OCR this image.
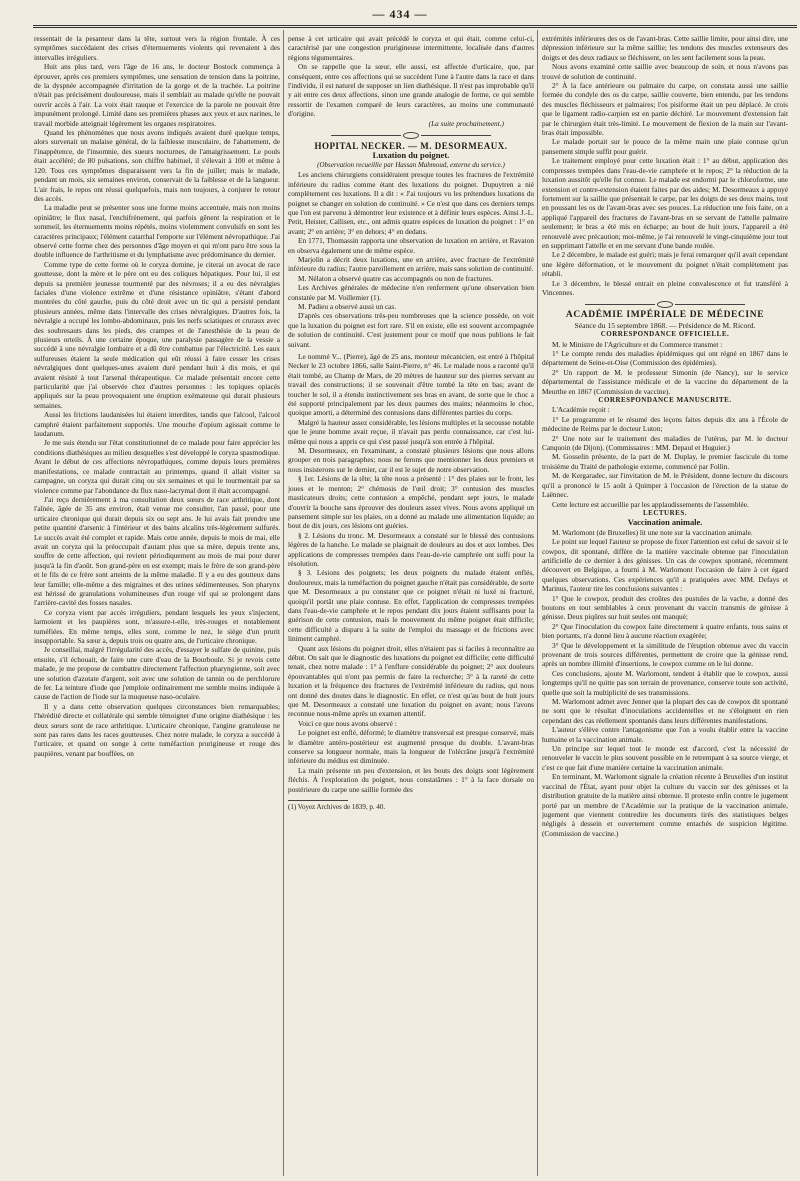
— 434 —

ressentait de la pesanteur dans la tête, surtout vers la région frontale. À ces symptômes succédaient des crises d'éternuements violents qui revenaient à des intervalles irréguliers.

Huit ans plus tard, vers l'âge de 16 ans, le docteur Bostock commença à éprouver, après ces premiers symptômes, une sensation de tension dans la poitrine, de la dyspnée accompagnée d'irritation de la gorge et de la trachée. La poitrine n'était pas précisément douloureuse, mais il semblait au malade qu'elle ne pouvait ouvrir accès à l'air. La voix était rauque et l'exercice de la parole ne pouvait être impunément prolongé. Limité dans ses premières phases aux yeux et aux narines, le travail morbide atteignait légèrement les organes respiratoires.

Quand les phénomènes que nous avons indiqués avaient duré quelque temps, alors survenait un malaise général, de la faiblesse musculaire, de l'abattement, de l'inappétence, de l'insomnie, des sueurs nocturnes, de l'amaigrissement. Le pouls était accéléré; de 80 pulsations, son chiffre habituel, il s'élevait à 100 et même à 120. Tous ces symptômes disparaissent vers la fin de juillet; mais le malade, pendant un mois, six semaines environ, conservait de la faiblesse et de la langueur. L'air frais, le repos ont réussi quelquefois, mais non toujours, à conjurer le retour des accès.

La maladie peut se présenter sous une forme moins accentuée, mais non moins opiniâtre; le flux nasal, l'enchifrènement, qui parfois gênent la respiration et le sommeil, les éternuements moins répétés, moins violemment convulsifs en sont les caractères principaux; l'élément catarrhal l'emporte sur l'élément névropathique. J'ai observé cette forme chez des personnes d'âge moyen et qui m'ont paru être sous la double influence de l'arthritisme et du lymphatisme avec prédominance du dernier.

Comme type de cette forme où le coryza domine, je citerai un avocat de race goutteuse, dont la mère et le père ont eu des coliques hépatiques. Pour lui, il est depuis sa première jeunesse tourmenté par des névroses; il a eu des névralgies faciales d'une violence extrême et d'une résistance opiniâtre, s'étant d'abord montrées du côté gauche, puis du côté droit avec un tic qui a persisté pendant plusieurs années, même dans l'intervalle des crises névralgiques. D'autres fois, la névralgie a occupé les lombo-abdominaux, puis les nerfs sciatiques et cruraux avec des soubresauts dans les pieds, des crampes et de l'anesthésie de la peau de plusieurs orteils. À une certaine époque, une paralysie passagère de la vessie a succédé à une névralgie lombaire et a dû être combattue par l'électricité. Les eaux sulfureuses étaient la seule médication qui eût réussi à faire cesser les crises névralgiques dont quelques-unes avaient duré pendant huit à dix mois, et qui avaient résisté à tout l'arsenal thérapeutique. Ce malade présentait encore cette particularité que j'ai observée chez d'autres personnes : les topiques opiacés appliqués sur la peau provoquaient une éruption exémateuse qui durait plusieurs semaines.

Aussi les frictions laudanisées lui étaient interdites, tandis que l'alcool, l'alcool camphré étaient parfaitement supportés. Une mouche d'opium agissait comme le laudanum.

Je me suis étendu sur l'état constitutionnel de ce malade pour faire apprécier les conditions diathésiques au milieu desquelles s'est développé le coryza spasmodique. Avant le début de ces affections névropathiques, comme depuis leurs premières manifestations, ce malade contractait au printemps, quand il allait visiter sa campagne, un coryza qui durait cinq ou six semaines et qui le tourmentait par sa violence comme par l'abondance du flux naso-lacrymal dont il était accompagné.

J'ai reçu dernièrement à ma consultation deux sœurs de race arthritique, dont l'aînée, âgée de 35 ans environ, était venue me consulter, l'an passé, pour une urticaire chronique qui durait depuis six ou sept ans. Je lui avais fait prendre une petite quantité d'arsenic à l'intérieur et des bains alcalins très-légèrement sulfurés. Le succès avait été complet et rapide. Mais cette année, depuis le mois de mai, elle avait un coryza qui la préoccupait d'autant plus que sa mère, depuis trente ans, souffre de cette affection, qui revient périodiquement au mois de mai pour durer jusqu'à la fin d'août. Son grand-père en est exempt; mais le frère de son grand-père et le fils de ce frère sont atteints de la même maladie. Il y a eu des goutteux dans leur famille; elle-même a des migraines et des urines sédimenteuses. Son pharynx est hérissé de granulations volumineuses d'un rouge vif qui se prolongent dans l'arrière-cavité des fosses nasales.

Ce coryza vient par accès irréguliers, pendant lesquels les yeux s'injectent, larmoient et les paupières sont, m'assure-t-elle, très-rouges et notablement tuméfiées. En même temps, elles sont, comme le nez, le siège d'un prurit insupportable. Sa sœur a, depuis trois ou quatre ans, de l'urticaire chronique.

Je conseillai, malgré l'irrégularité des accès, d'essayer le sulfate de quinine, puis ensuite, s'il échouait, de faire une cure d'eau de la Bourboule. Si je revois cette malade, je me propose de combattre directement l'affection pharyngienne, soit avec une solution d'azotate d'argent, soit avec une solution de tannin ou de perchlorure de fer. La teinture d'iode que j'emploie ordinairement me semble moins indiquée à cause de l'action de l'iode sur la muqueuse naso-oculaire.

Il y a dans cette observation quelques circonstances bien remarquables; l'hérédité directe et collatérale qui semble témoigner d'une origine diathésique : les deux sœurs sont de race arthritique. L'urticaire chronique, l'angine granuleuse ne sont pas rares dans les races goutteuses. Chez notre malade, le coryza a succédé à l'urticaire, et quand on songe à cette tuméfaction prurigineuse et rouge des paupières, venant par bouffées, on

pense à cet urticaire qui avait précédé le coryza et qui était, comme celui-ci, caractérisé par une congestion prurigineuse intermittente, localisée dans d'autres régions tégumentaires.

On se rappelle que la sœur, elle aussi, est affectée d'urticaire, que, par conséquent, entre ces affections qui se succèdent l'une à l'autre dans la race et dans l'individu, il est naturel de supposer un lien diathésique. Il n'est pas improbable qu'il y ait entre ces deux affections, sinon une grande analogie de forme, ce qui semble ressortir de l'examen comparé de leurs caractères, au moins une communauté d'origine.

(La suite prochainement.)

HOPITAL NECKER. — M. DESORMEAUX.

Luxation du poignet.

(Observation recueillie par Hassan Mahmoud, externe du service.)

Les anciens chirurgiens considéraient presque toutes les fractures de l'extrémité inférieure du radius comme étant des luxations du poignet. Dupuytren a nié complètement ces luxations. Il a dit : « J'ai toujours vu les prétendues luxations du poignet se changer en solution de continuité. » Ce n'est que dans ces derniers temps que l'on est parvenu à démontrer leur existence et à définir leurs espèces. Ainsi J.-L. Petit, Heister, Callisen, etc., ont admis quatre espèces de luxation du poignet : 1° en avant; 2° en arrière; 3° en dehors; 4° en dedans.

En 1771, Thomassin rapporta une observation de luxation en arrière, et Ravaton en observa également une de même espèce.

Marjolin a décrit deux luxations, une en arrière, avec fracture de l'extrémité inférieure du radius; l'autre pareillement en arrière, mais sans solution de continuité.

M. Nélaton a observé quatre cas accompagnés ou non de fractures.

Les Archives générales de médecine n'en renferment qu'une observation bien constatée par M. Voillemier (1).

M. Padieu a observé aussi un cas.

D'après ces observations très-peu nombreuses que la science possède, on voit que la luxation du poignet est fort rare. S'il en existe, elle est souvent accompagnée de solution de continuité. C'est justement pour ce motif que nous publions le fait suivant.

Le nommé V... (Pierre), âgé de 25 ans, monteur mécanicien, est entré à l'hôpital Necker le 23 octobre 1866, salle Saint-Pierre, n° 46. Le malade nous a raconté qu'il était tombé, au Champ de Mars, de 20 mètres de hauteur sur des pierres servant au travail des constructions; il se souvenait d'être tombé la tête en bas; avant de toucher le sol, il a étendu instinctivement ses bras en avant, de sorte que le choc a été supporté principalement par les deux paumes des mains; néanmoins le choc, quoique amorti, a déterminé des contusions dans différentes parties du corps.

Malgré la hauteur assez considérable, les lésions multiples et la secousse notable que le jeune homme avait reçue, il n'avait pas perdu connaissance, car c'est lui-même qui nous a appris ce qui s'est passé jusqu'à son entrée à l'hôpital.

M. Desormeaux, en l'examinant, a constaté plusieurs lésions que nous allons grouper en trois paragraphes; nous ne ferons que mentionner les deux premiers et nous insisterons sur le dernier, car il est le sujet de notre observation.

§ 1er. Lésions de la tête; la tête nous a présenté : 1° des plaies sur le front, les joues et le menton; 2° chémosis de l'œil droit; 3° contusion des muscles masticateurs droits; cette contusion a empêché, pendant sept jours, le malade d'ouvrir la bouche sans éprouver des douleurs assez vives. Nous avons appliqué un pansement simple sur les plaies, on a donné au malade une alimentation liquide; au bout de dix jours, ces lésions ont guéries.

§ 2. Lésions du tronc. M. Desormeaux a constaté sur le blessé des contusions légères de la hanche. Le malade se plaignait de douleurs au dos et aux lombes. Des applications de compresses trempées dans l'eau-de-vie camphrée ont suffi pour la résolution.

§ 3. Lésions des poignets; les deux poignets du malade étaient enflés, douloureux, mais la tuméfaction du poignet gauche n'était pas considérable, de sorte que M. Desormeaux a pu constater que ce poignet n'était ni luxé ni fracturé, quoiqu'il portât une plaie contuse. En effet, l'application de compresses trempées dans l'eau-de-vie camphrée et le repos pendant dix jours étaient suffisants pour la guérison de cette contusion, mais le mouvement du même poignet était difficile; cette difficulté a disparu à la suite de l'emploi du massage et de frictions avec liniment camphré.

Quant aux lésions du poignet droit, elles n'étaient pas si faciles à reconnaître au début. On sait que le diagnostic des luxations du poignet est difficile; cette difficulté tenait, chez notre malade : 1° à l'enflure considérable du poignet; 2° aux douleurs épouvantables qui n'ont pas permis de faire la recherche; 3° à la rareté de cette luxation et la fréquence des fractures de l'extrémité inférieure du radius, qui nous ont donné des doutes dans le diagnostic. En effet, ce n'est qu'au bout de huit jours que M. Desormeaux a constaté une luxation du poignet en avant; nous l'avons reconnue nous-même après un examen attentif.

Voici ce que nous avons observé :

Le poignet est enflé, déformé; le diamètre transversal est presque conservé, mais le diamètre antéro-postérieur est augmenté presque du double. L'avant-bras conserve sa longueur normale, mais la longueur de l'olécrâne jusqu'à l'extrémité inférieure du médius est diminuée.

La main présente un peu d'extension, et les bouts des doigts sont légèrement fléchis. À l'exploration du poignet, nous constatâmes : 1° à la face dorsale ou postérieure du carpe une saillie formée des

(1) Voyez Archives de 1839, p. 40.

extrémités inférieures des os de l'avant-bras. Cette saillie limite, pour ainsi dire, une dépression inférieure sur la même saillie; les tendons des muscles extenseurs des doigts et des deux radiaux se fléchissent, on les sent facilement sous la peau.

Nous avons examiné cette saillie avec beaucoup de soin, et nous n'avons pas trouvé de solution de continuité.

2° À la face antérieure ou palmaire du carpe, on constata aussi une saillie formée du condyle des os du carpe, saillie couverte, bien entendu, par les tendons des muscles fléchisseurs et palmaires; l'os pisiforme était un peu déplacé. Je crois que le ligament radio-carpien est en partie déchiré. Le mouvement d'extension fait par le chirurgien était très-limité. Le mouvement de flexion de la main sur l'avant-bras était impossible.

Le malade portait sur le pouce de la même main une plaie contuse qu'un pansement simple suffit pour guérir.

Le traitement employé pour cette luxation était : 1° au début, application des compresses trempées dans l'eau-de-vie camphrée et le repos; 2° la réduction de la luxation aussitôt qu'elle fut connue. Le malade est endormi par le chloroforme, une extension et contre-extension étaient faites par des aides; M. Desormeaux a appuyé fortement sur la saillie que présentait le carpe, par les doigts de ses deux mains, tout en poussant les os de l'avant-bras avec ses pouces. La réduction une fois faite, on a appliqué l'appareil des fractures de l'avant-bras en se servant de l'attelle palmaire seulement; le bras a été mis en écharpe; au bout de huit jours, l'appareil a été renouvelé avec précaution; moi-même, je l'ai renouvelé le vingt-cinquième jour tout en supprimant l'attelle et en me servant d'une bande roulée.

Le 2 décembre, le malade est guéri; mais je ferai remarquer qu'il avait cependant une légère déformation, et le mouvement du poignet n'était complètement pas rétabli.

Le 3 décembre, le blessé entrait en pleine convalescence et fut transféré à Vincennes.

ACADÉMIE IMPÉRIALE DE MÉDECINE

Séance du 15 septembre 1868. — Présidence de M. Ricord.

CORRESPONDANCE OFFICIELLE.

M. le Ministre de l'Agriculture et du Commerce transmet :

1° Le compte rendu des maladies épidémiques qui ont régné en 1867 dans le département de Seine-et-Oise (Commission des épidémies).

2° Un rapport de M. le professeur Simonin (de Nancy), sur le service départemental de l'assistance médicale et de la vaccine du département de la Meurthe en 1867 (Commission de vaccine).

CORRESPONDANCE MANUSCRITE.

L'Académie reçoit :

1° Le programme et le résumé des leçons faites depuis dix ans à l'École de médecine de Reims par le docteur Luton;

2° Une note sur le traitement des maladies de l'utérus, par M. le docteur Canquoin (de Dijon). (Commissaires : MM. Depaul et Huguier.)

M. Gosselin présente, de la part de M. Duplay, le premier fascicule du tome troisième du Traité de pathologie externe, commencé par Follin.

M. de Kergaradec, sur l'invitation de M. le Président, donne lecture du discours qu'il a prononcé le 15 août à Quimper à l'occasion de l'érection de la statue de Laënnec.

Cette lecture est accueillie par les applaudissements de l'assemblée.

LECTURES.

Vaccination animale.

M. Warlomont (de Bruxelles) lit une note sur la vaccination animale.

Le point sur lequel l'auteur se propose de fixer l'attention est celui de savoir si le cowpox, dit spontané, diffère de la matière vaccinale obtenue par l'inoculation artificielle de ce dernier à des génisses. Un cas de cowpox spontané, récemment découvert en Belgique, a fourni à M. Warlomont l'occasion de faire à cet égard quelques observations. Ces expériences qu'il a pratiquées avec MM. Defays et Marinus, l'auteur tire les conclusions suivantes :

1° Que le cowpox, produit des croûtes des pustules de la vache, a donné des boutons en tout semblables à ceux provenant du vaccin transmis de génisse à génisse. Deux piqûres sur huit seules ont manqué;

2° Que l'inoculation du cowpox faite directement à quatre enfants, tous sains et bien portants, n'a donné lieu à aucune réaction exagérée;

3° Que le développement et la similitude de l'éruption obtenue avec du vaccin provenant de trois sources différentes, permettent de croire que la génisse rend, après un nombre illimité d'insertions, le cowpox comme on le lui donne.

Ces conclusions, ajoute M. Warlomont, tendent à établir que le cowpox, aussi longtemps qu'il ne quitte pas son terrain de provenance, conserve toute son activité, quelle que soit la multiplicité de ses transmissions.

M. Warlomont admet avec Jenner que la plupart des cas de cowpox dit spontané ne sont que le résultat d'inoculations accidentelles et ne s'éloignent en rien cependant des cas réellement spontanés dans leurs différentes manifestations.

L'auteur s'élève contre l'antagonisme que l'on a voulu établir entre la vaccine humaine et la vaccination animale.

Un principe sur lequel tout le monde est d'accord, c'est la nécessité de renouveler le vaccin le plus souvent possible en le retrempant à sa source vierge, et c'est ce que fait d'une manière certaine la vaccination animale.

En terminant, M. Warlomont signale la création récente à Bruxelles d'un institut vaccinal de l'État, ayant pour objet la culture du vaccin sur des génisses et la distribution gratuite de la matière ainsi obtenue. Il proteste enfin contre le jugement porté par un membre de l'Académie sur la pratique de la vaccination animale, jugement que viennent contredire les documents tirés des statistiques belges négligés à dessein et ouvertement comme entachés de suspicion légitime. (Commission de vaccine.)
